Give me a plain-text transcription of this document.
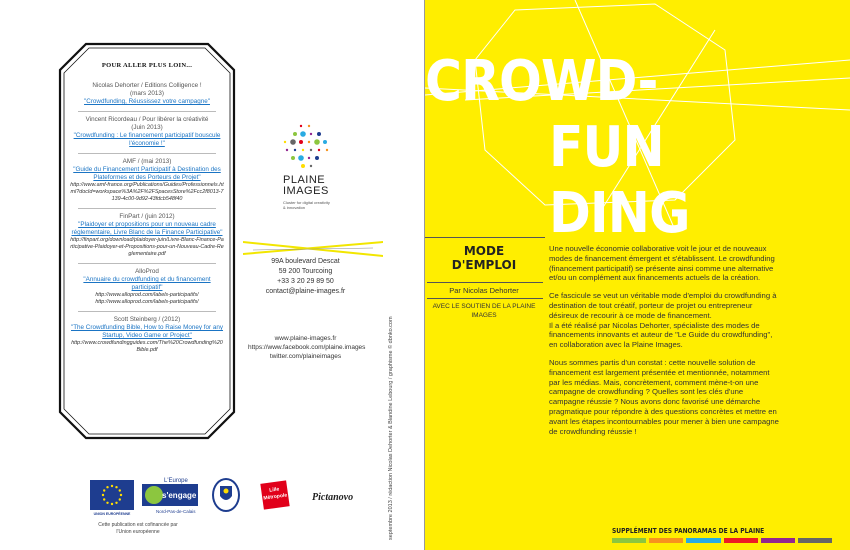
POUR ALLER PLUS LOIN...
Nicolas Dehorter / Editions Colligence !
(mars 2013)
"Crowdfunding, Réussissez votre campagne"
Vincent Ricordeau / Pour libérer la créativité
(Juin 2013)
"Crowdfunding : Le financement participatif bouscule l'économie !"
AMF / (mai 2013)
"Guide du Financement Participatif à Destination des Plateformes et des Porteurs de Projet"
http://www.amf-france.org/Publications/Guides/Professionnels.html?docId=workspace%3A%2F%2FSpacesStore%2Fcc2f8013-7139-4c00-9d92-43fdcb548f40
FinPart / (juin 2012)
"Plaidoyer et propositions pour un nouveau cadre réglementaire, Livre Blanc de la Finance Participative"
http://finpart.org/download/plaidoyer-juin/Livre-Blanc-Finance-Participative-Plaidoyer-et-Propositions-pour-un-Nouveau-Cadre-Reglementaire.pdf
AlloProd
"Annuaire du crowdfunding et du financement participatif"
http://www.alloprod.com/labels-participatifs/
http://www.alloprod.com/labels-participatifs/
Scott Steinberg / (2012)
"The Crowdfunding Bible, How to Raise Money for any Startup, Video Game or Project"
http://www.crowdfundingguides.com/The%20Crowdfunding%20Bible.pdf
PLAINE
IMAGES
Cluster for digital creativity & innovation
99A boulevard Descat
59 200 Tourcoing
+33 3 20 29 89 50
contact@plaine-images.fr
www.plaine-images.fr
https://www.facebook.com/plaine.images
twitter.com/plaineimages	septembre 2013 / rédaction Nicolas Dehorter & Blandine Lebourg / graphisme © dbnko.com
UNION EUROPÉENNE
L'Europe
s'engage
Nord-Pas-de-Calais
Lille Métropole Pictanovo
Cette publication est cofinancée par l'Union européenne
CROWD-
FUN
DING
MODE
D'EMPLOI
Par Nicolas Dehorter
AVEC LE SOUTIEN DE LA PLAINE IMAGES

Une nouvelle économie collaborative voit le jour et de nouveaux modes de financement émergent et s'établissent. Le crowdfunding (financement participatif) se présente ainsi comme une alternative et/ou un complément aux financements actuels de la création.

Ce fascicule se veut un véritable mode d'emploi du crowdfunding à destination de tout créatif, porteur de projet ou entrepreneur désireux de recourir à ce mode de financement.
Il a été réalisé par Nicolas Dehorter, spécialiste des modes de financements innovants et auteur de "Le Guide du crowdfunding", en collaboration avec la Plaine Images.

Nous sommes partis d'un constat : cette nouvelle solution de financement est largement présentée et mentionnée, notamment par les médias. Mais, concrètement, comment mène-t-on une campagne de crowdfunding ? Quelles sont les clés d'une campagne réussie ? Nous avons donc favorisé une démarche pragmatique pour répondre à des questions concrètes et mettre en avant les étapes incontournables pour mener à bien une campagne de crowdfunding réussie !

SUPPLÉMENT DES PANORAMAS DE LA PLAINE
